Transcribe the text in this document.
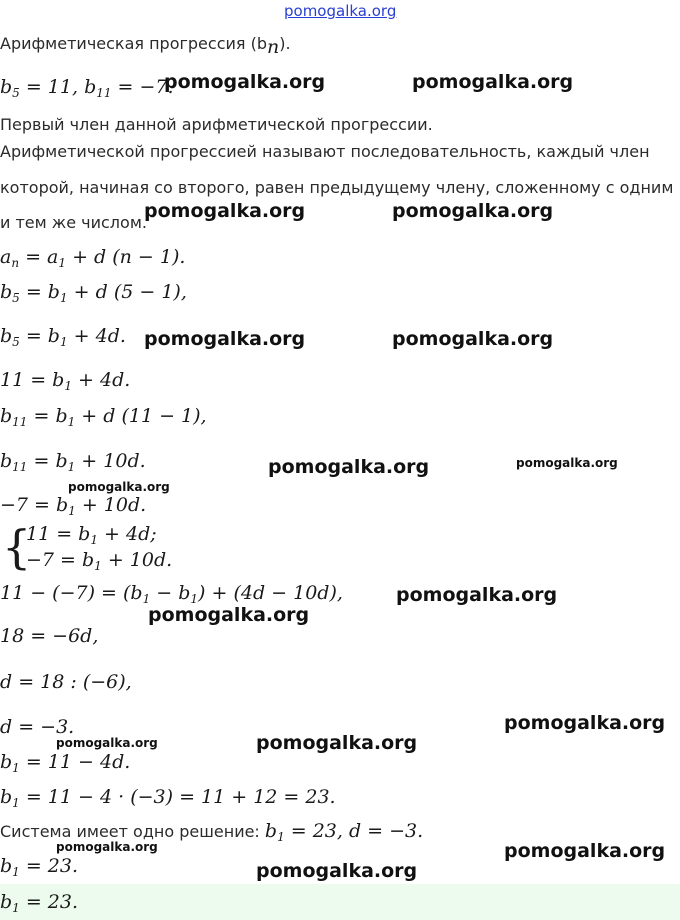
pomogalka.org
Арифметическая прогрессия $(b_n)$.
$b_5 = 11$, $b_{11} = -7$.
Первый член данной арифметической прогрессии.
Арифметической прогрессией называют последовательность, каждый член
которой, начиная со второго, равен предыдущему члену, сложенному с одним
и тем же числом.
$a_n = a_1 + d$ (n − 1).
$b_5 = b_1 + d$ (5 − 1),
$b_5 = b_1 + 4d$.
$11 = b_1 + 4d$.
$b_{11} = b_1 + d$ (11 − 1),
$b_{11} = b_1 + 10d$.
$-7 = b_1 + 10d$.
{
$11 = b_1 + 4d$;
$-7 = b_1 + 10d$.
$11 - (-7) = (b_1 - b_1) + (4d - 10d)$,
18 = −6d,
d = 18 : (−6),
d = −3.
$b_1 = 11 - 4d$.
$b_1 = 11 - 4 \cdot (-3) = 11 + 12 = 23$.
Система имеет одно решение: $b_1 = 23$, d = −3.
$b_1 = 23$.
$b_1 = 23$.
pomogalka.org	pomogalka.org
pomogalka.org	pomogalka.org
pomogalka.org	pomogalka.org
pomogalka.org	pomogalka.org
pomogalka.org
pomogalka.org
pomogalka.org
pomogalka.org
pomogalka.org	pomogalka.org
pomogalka.org	pomogalka.org
pomogalka.org
